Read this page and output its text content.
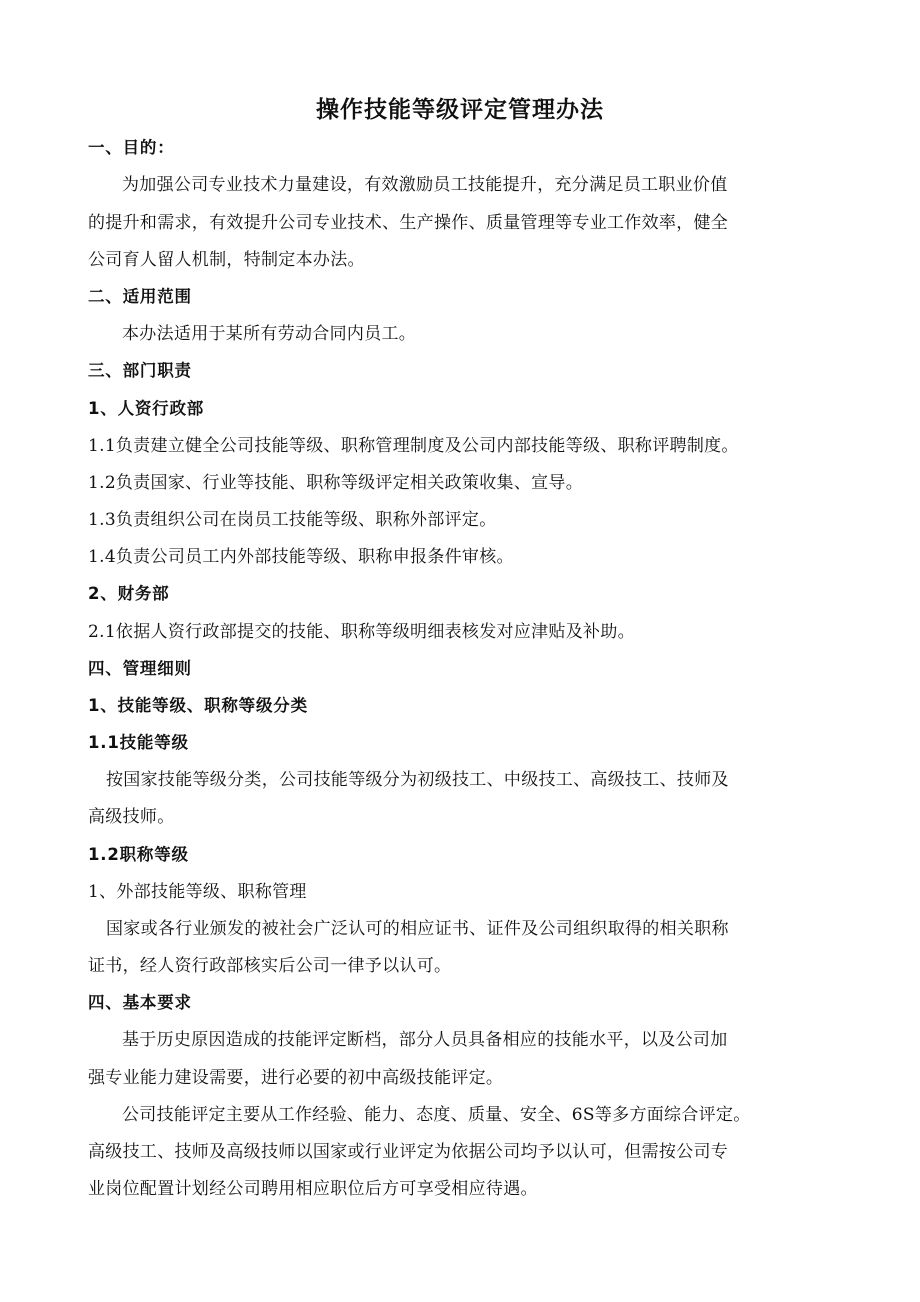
操作技能等级评定管理办法
一、目的：
为加强公司专业技术力量建设，有效激励员工技能提升，充分满足员工职业价值
的提升和需求，有效提升公司专业技术、生产操作、质量管理等专业工作效率，健全
公司育人留人机制，特制定本办法。
二、适用范围
本办法适用于某所有劳动合同内员工。
三、部门职责
1、人资行政部
1.1负责建立健全公司技能等级、职称管理制度及公司内部技能等级、职称评聘制度。
1.2负责国家、行业等技能、职称等级评定相关政策收集、宣导。
1.3负责组织公司在岗员工技能等级、职称外部评定。
1.4负责公司员工内外部技能等级、职称申报条件审核。
2、财务部
2.1依据人资行政部提交的技能、职称等级明细表核发对应津贴及补助。
四、管理细则
1、技能等级、职称等级分类
1.1技能等级
按国家技能等级分类，公司技能等级分为初级技工、中级技工、高级技工、技师及
高级技师。
1.2职称等级
1、外部技能等级、职称管理
国家或各行业颁发的被社会广泛认可的相应证书、证件及公司组织取得的相关职称
证书，经人资行政部核实后公司一律予以认可。
四、基本要求
基于历史原因造成的技能评定断档，部分人员具备相应的技能水平，以及公司加
强专业能力建设需要，进行必要的初中高级技能评定。
公司技能评定主要从工作经验、能力、态度、质量、安全、6S等多方面综合评定。
高级技工、技师及高级技师以国家或行业评定为依据公司均予以认可，但需按公司专
业岗位配置计划经公司聘用相应职位后方可享受相应待遇。
